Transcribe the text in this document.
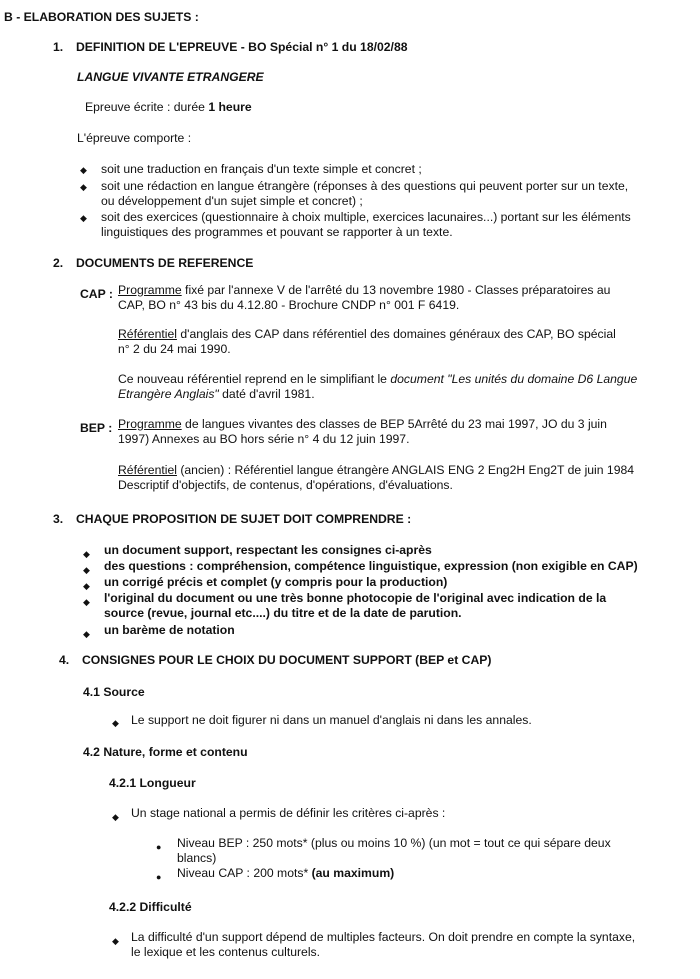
B - ELABORATION DES SUJETS :
1. DEFINITION DE L'EPREUVE - BO Spécial n° 1 du 18/02/88
LANGUE VIVANTE ETRANGERE
Epreuve écrite : durée 1 heure
L'épreuve comporte :
◆ soit une traduction en français d'un texte simple et concret ;
◆ soit une rédaction en langue étrangère (réponses à des questions qui peuvent porter sur un texte,
ou développement d'un sujet simple et concret) ;
◆ soit des exercices (questionnaire à choix multiple, exercices lacunaires...) portant sur les éléments
linguistiques des programmes et pouvant se rapporter à un texte.
2. DOCUMENTS DE REFERENCE
CAP : Programme fixé par l'annexe V de l'arrêté du 13 novembre 1980 - Classes préparatoires au
CAP, BO n° 43 bis du 4.12.80 - Brochure CNDP n° 001 F 6419.
Référentiel d'anglais des CAP dans référentiel des domaines généraux des CAP, BO spécial
n° 2 du 24 mai 1990.
Ce nouveau référentiel reprend en le simplifiant le document "Les unités du domaine D6 Langue
Etrangère Anglais" daté d'avril 1981.
BEP : Programme de langues vivantes des classes de BEP 5Arrêté du 23 mai 1997, JO du 3 juin
1997) Annexes au BO hors série n° 4 du 12 juin 1997.
Référentiel (ancien) : Référentiel langue étrangère ANGLAIS ENG 2 Eng2H Eng2T de juin 1984
Descriptif d'objectifs, de contenus, d'opérations, d'évaluations.
3. CHAQUE PROPOSITION DE SUJET DOIT COMPRENDRE :
◆ un document support, respectant les consignes ci-après
◆ des questions : compréhension, compétence linguistique, expression (non exigible en CAP)
◆ un corrigé précis et complet (y compris pour la production)
◆ l'original du document ou une très bonne photocopie de l'original avec indication de la
source (revue, journal etc....) du titre et de la date de parution.
◆ un barème de notation
4. CONSIGNES POUR LE CHOIX DU DOCUMENT SUPPORT (BEP et CAP)
4.1 Source
◆ Le support ne doit figurer ni dans un manuel d'anglais ni dans les annales.
4.2 Nature, forme et contenu
4.2.1 Longueur
◆ Un stage national a permis de définir les critères ci-après :
● Niveau BEP : 250 mots* (plus ou moins 10 %) (un mot = tout ce qui sépare deux
blancs)
● Niveau CAP : 200 mots* (au maximum)
4.2.2 Difficulté
◆ La difficulté d'un support dépend de multiples facteurs. On doit prendre en compte la syntaxe,
le lexique et les contenus culturels.
